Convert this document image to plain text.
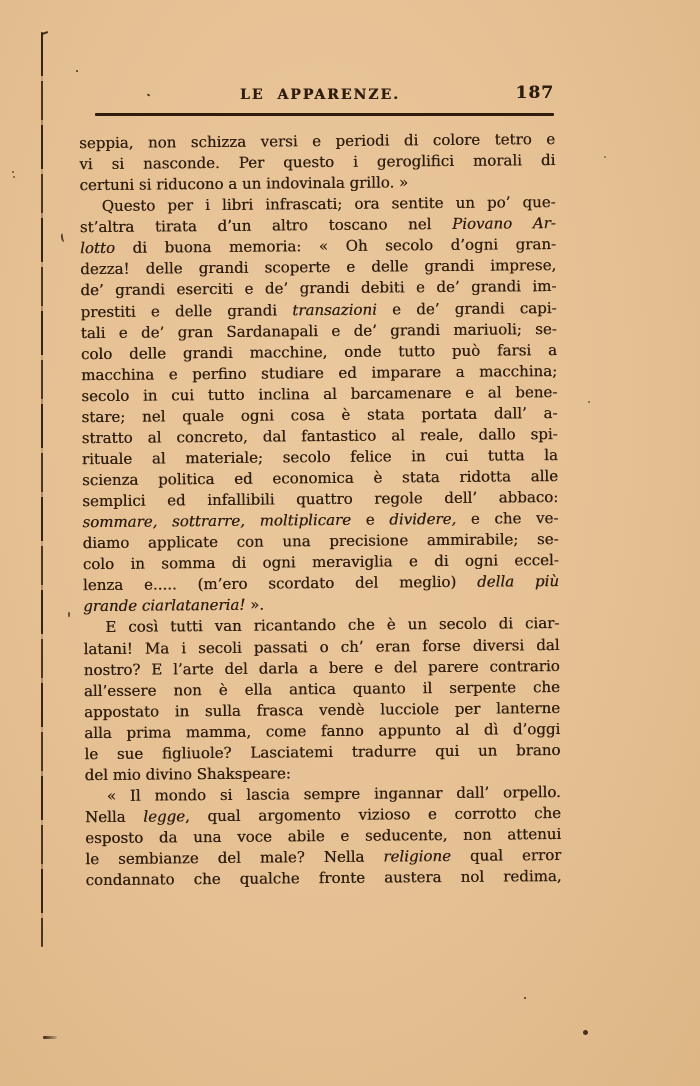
LE APPARENZE.	187
seppia, non schizza versi e periodi di colore tetro e
vi si nasconde. Per questo i geroglifici morali di
certuni si riducono a un indovinala grillo. »
Questo per i libri infrascati; ora sentite un po’ que-
st’altra tirata d’un altro toscano nel Piovano Ar-
lotto di buona memoria: « Oh secolo d’ogni gran-
dezza! delle grandi scoperte e delle grandi imprese,
de’ grandi eserciti e de’ grandi debiti e de’ grandi im-
prestiti e delle grandi transazioni e de’ grandi capi-
tali e de’ gran Sardanapali e de’ grandi mariuoli; se-
colo delle grandi macchine, onde tutto può farsi a
macchina e perfino studiare ed imparare a macchina;
secolo in cui tutto inclina al barcamenare e al bene-
stare; nel quale ogni cosa è stata portata dall’ a-
stratto al concreto, dal fantastico al reale, dallo spi-
rituale al materiale; secolo felice in cui tutta la
scienza politica ed economica è stata ridotta alle
semplici ed infallibili quattro regole dell’ abbaco:
sommare, sottrarre, moltiplicare e dividere, e che ve-
diamo applicate con una precisione ammirabile; se-
colo in somma di ogni meraviglia e di ogni eccel-
lenza e..... (m’ero scordato del meglio) della più
grande ciarlataneria! ».
E così tutti van ricantando che è un secolo di ciar-
latani! Ma i secoli passati o ch’ eran forse diversi dal
nostro? E l’arte del darla a bere e del parere contrario
all’essere non è ella antica quanto il serpente che
appostato in sulla frasca vendè lucciole per lanterne
alla prima mamma, come fanno appunto al dì d’oggi
le sue figliuole? Lasciatemi tradurre qui un brano
del mio divino Shakspeare:
« Il mondo si lascia sempre ingannar dall’ orpello.
Nella legge, qual argomento vizioso e corrotto che
esposto da una voce abile e seducente, non attenui
le sembianze del male? Nella religione qual error
condannato che qualche fronte austera nol redima,
